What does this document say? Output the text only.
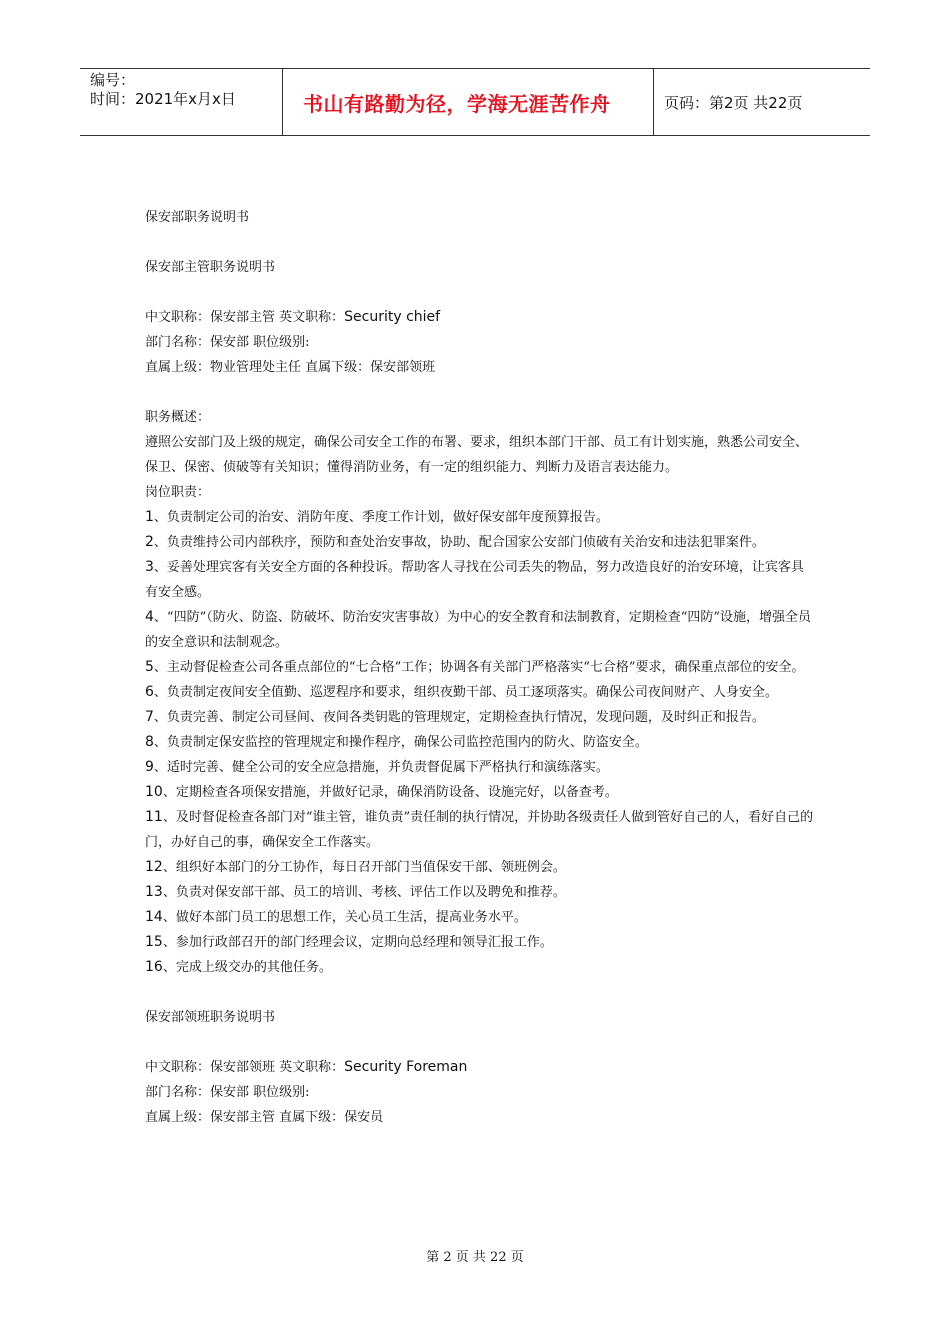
编号：
时间：2021年x月x日	书山有路勤为径，学海无涯苦作舟	页码：第2页 共22页
保安部职务说明书
保安部主管职务说明书
中文职称：保安部主管 英文职称：Security chief
部门名称：保安部 职位级别:
直属上级：物业管理处主任 直属下级：保安部领班
职务概述：
遵照公安部门及上级的规定，确保公司安全工作的布署、要求，组织本部门干部、员工有计划实施，熟悉公司安全、保卫、保密、侦破等有关知识；懂得消防业务，有一定的组织能力、判断力及语言表达能力。
岗位职责：
1、负责制定公司的治安、消防年度、季度工作计划，做好保安部年度预算报告。
2、负责维持公司内部秩序，预防和查处治安事故，协助、配合国家公安部门侦破有关治安和违法犯罪案件。
3、妥善处理宾客有关安全方面的各种投诉。帮助客人寻找在公司丢失的物品，努力改造良好的治安环境，让宾客具有安全感。
4、“四防”（防火、防盗、防破坏、防治安灾害事故）为中心的安全教育和法制教育，定期检查“四防”设施，增强全员的安全意识和法制观念。
5、主动督促检查公司各重点部位的“七合格”工作；协调各有关部门严格落实“七合格”要求，确保重点部位的安全。
6、负责制定夜间安全值勤、巡逻程序和要求，组织夜勤干部、员工逐项落实。确保公司夜间财产、人身安全。
7、负责完善、制定公司昼间、夜间各类钥匙的管理规定，定期检查执行情况，发现问题，及时纠正和报告。
8、负责制定保安监控的管理规定和操作程序，确保公司监控范围内的防火、防盗安全。
9、适时完善、健全公司的安全应急措施，并负责督促属下严格执行和演练落实。
10、定期检查各项保安措施，并做好记录，确保消防设备、设施完好，以备查考。
11、及时督促检查各部门对“谁主管，谁负责”责任制的执行情况，并协助各级责任人做到管好自己的人，看好自己的门，办好自己的事，确保安全工作落实。
12、组织好本部门的分工协作，每日召开部门当值保安干部、领班例会。
13、负责对保安部干部、员工的培训、考核、评估工作以及聘免和推荐。
14、做好本部门员工的思想工作，关心员工生活，提高业务水平。
15、参加行政部召开的部门经理会议，定期向总经理和领导汇报工作。
16、完成上级交办的其他任务。
保安部领班职务说明书
中文职称：保安部领班 英文职称：Security Foreman
部门名称：保安部 职位级别:
直属上级：保安部主管 直属下级：保安员
第 2 页 共 22 页
